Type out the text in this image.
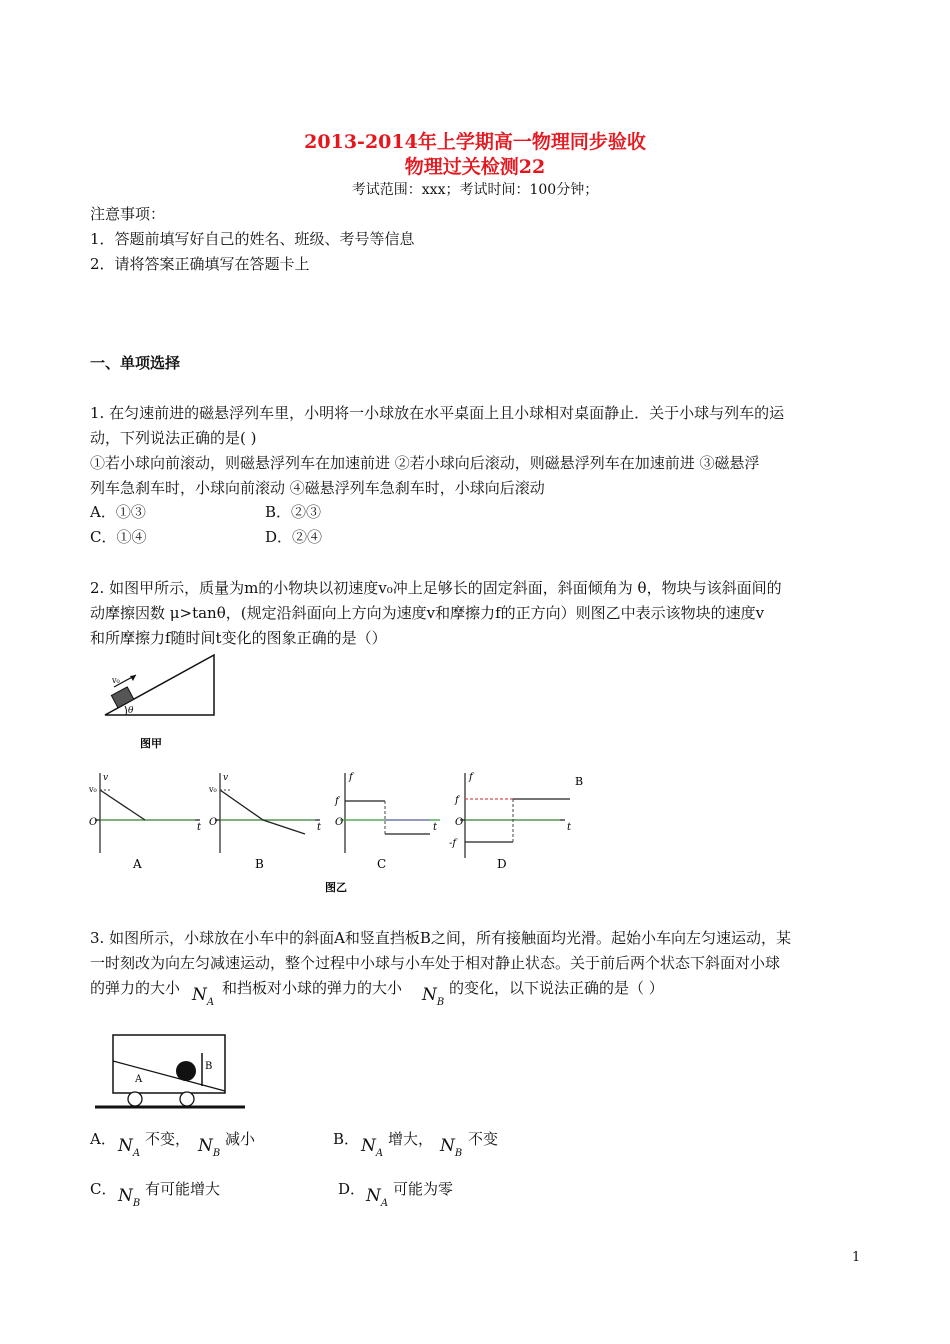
2013-2014年上学期高一物理同步验收
物理过关检测22
考试范围：xxx；考试时间：100分钟；
注意事项：
1．答题前填写好自己的姓名、班级、考号等信息
2．请将答案正确填写在答题卡上
一、单项选择
1. 在匀速前进的磁悬浮列车里，小明将一小球放在水平桌面上且小球相对桌面静止．关于小球与列车的运
动，下列说法正确的是( )
①若小球向前滚动，则磁悬浮列车在加速前进 ②若小球向后滚动，则磁悬浮列车在加速前进 ③磁悬浮
列车急刹车时，小球向前滚动 ④磁悬浮列车急刹车时，小球向后滚动
A．①③	B．②③
C．①④	D．②④
2. 如图甲所示，质量为m的小物块以初速度v₀冲上足够长的固定斜面，斜面倾角为 θ，物块与该斜面间的
动摩擦因数 μ>tanθ，(规定沿斜面向上方向为速度v和摩擦力f的正方向）则图乙中表示该物块的速度v
和所摩擦力f随时间t变化的图象正确的是（）
v₀
θ
图甲
v
v₀
O	t
A
v
v₀
O	t
B
f
f
O	t
C
f
f
O
-f
t
D
B
图乙
3. 如图所示，小球放在小车中的斜面A和竖直挡板B之间，所有接触面均光滑。起始小车向左匀速运动，某
一时刻改为向左匀减速运动，整个过程中小球与小车处于相对静止状态。关于前后两个状态下斜面对小球
的弹力的大小 $N_A$
和挡板对小球的弹力的大小 $N_B$
的变化，以下说法正确的是（ ）
A
B
A． $N_A$
不变， $N_B$
减小	B． $N_A$
增大， $N_B$
不变
C． $N_B$
有可能增大	D． $N_A$
可能为零
1
